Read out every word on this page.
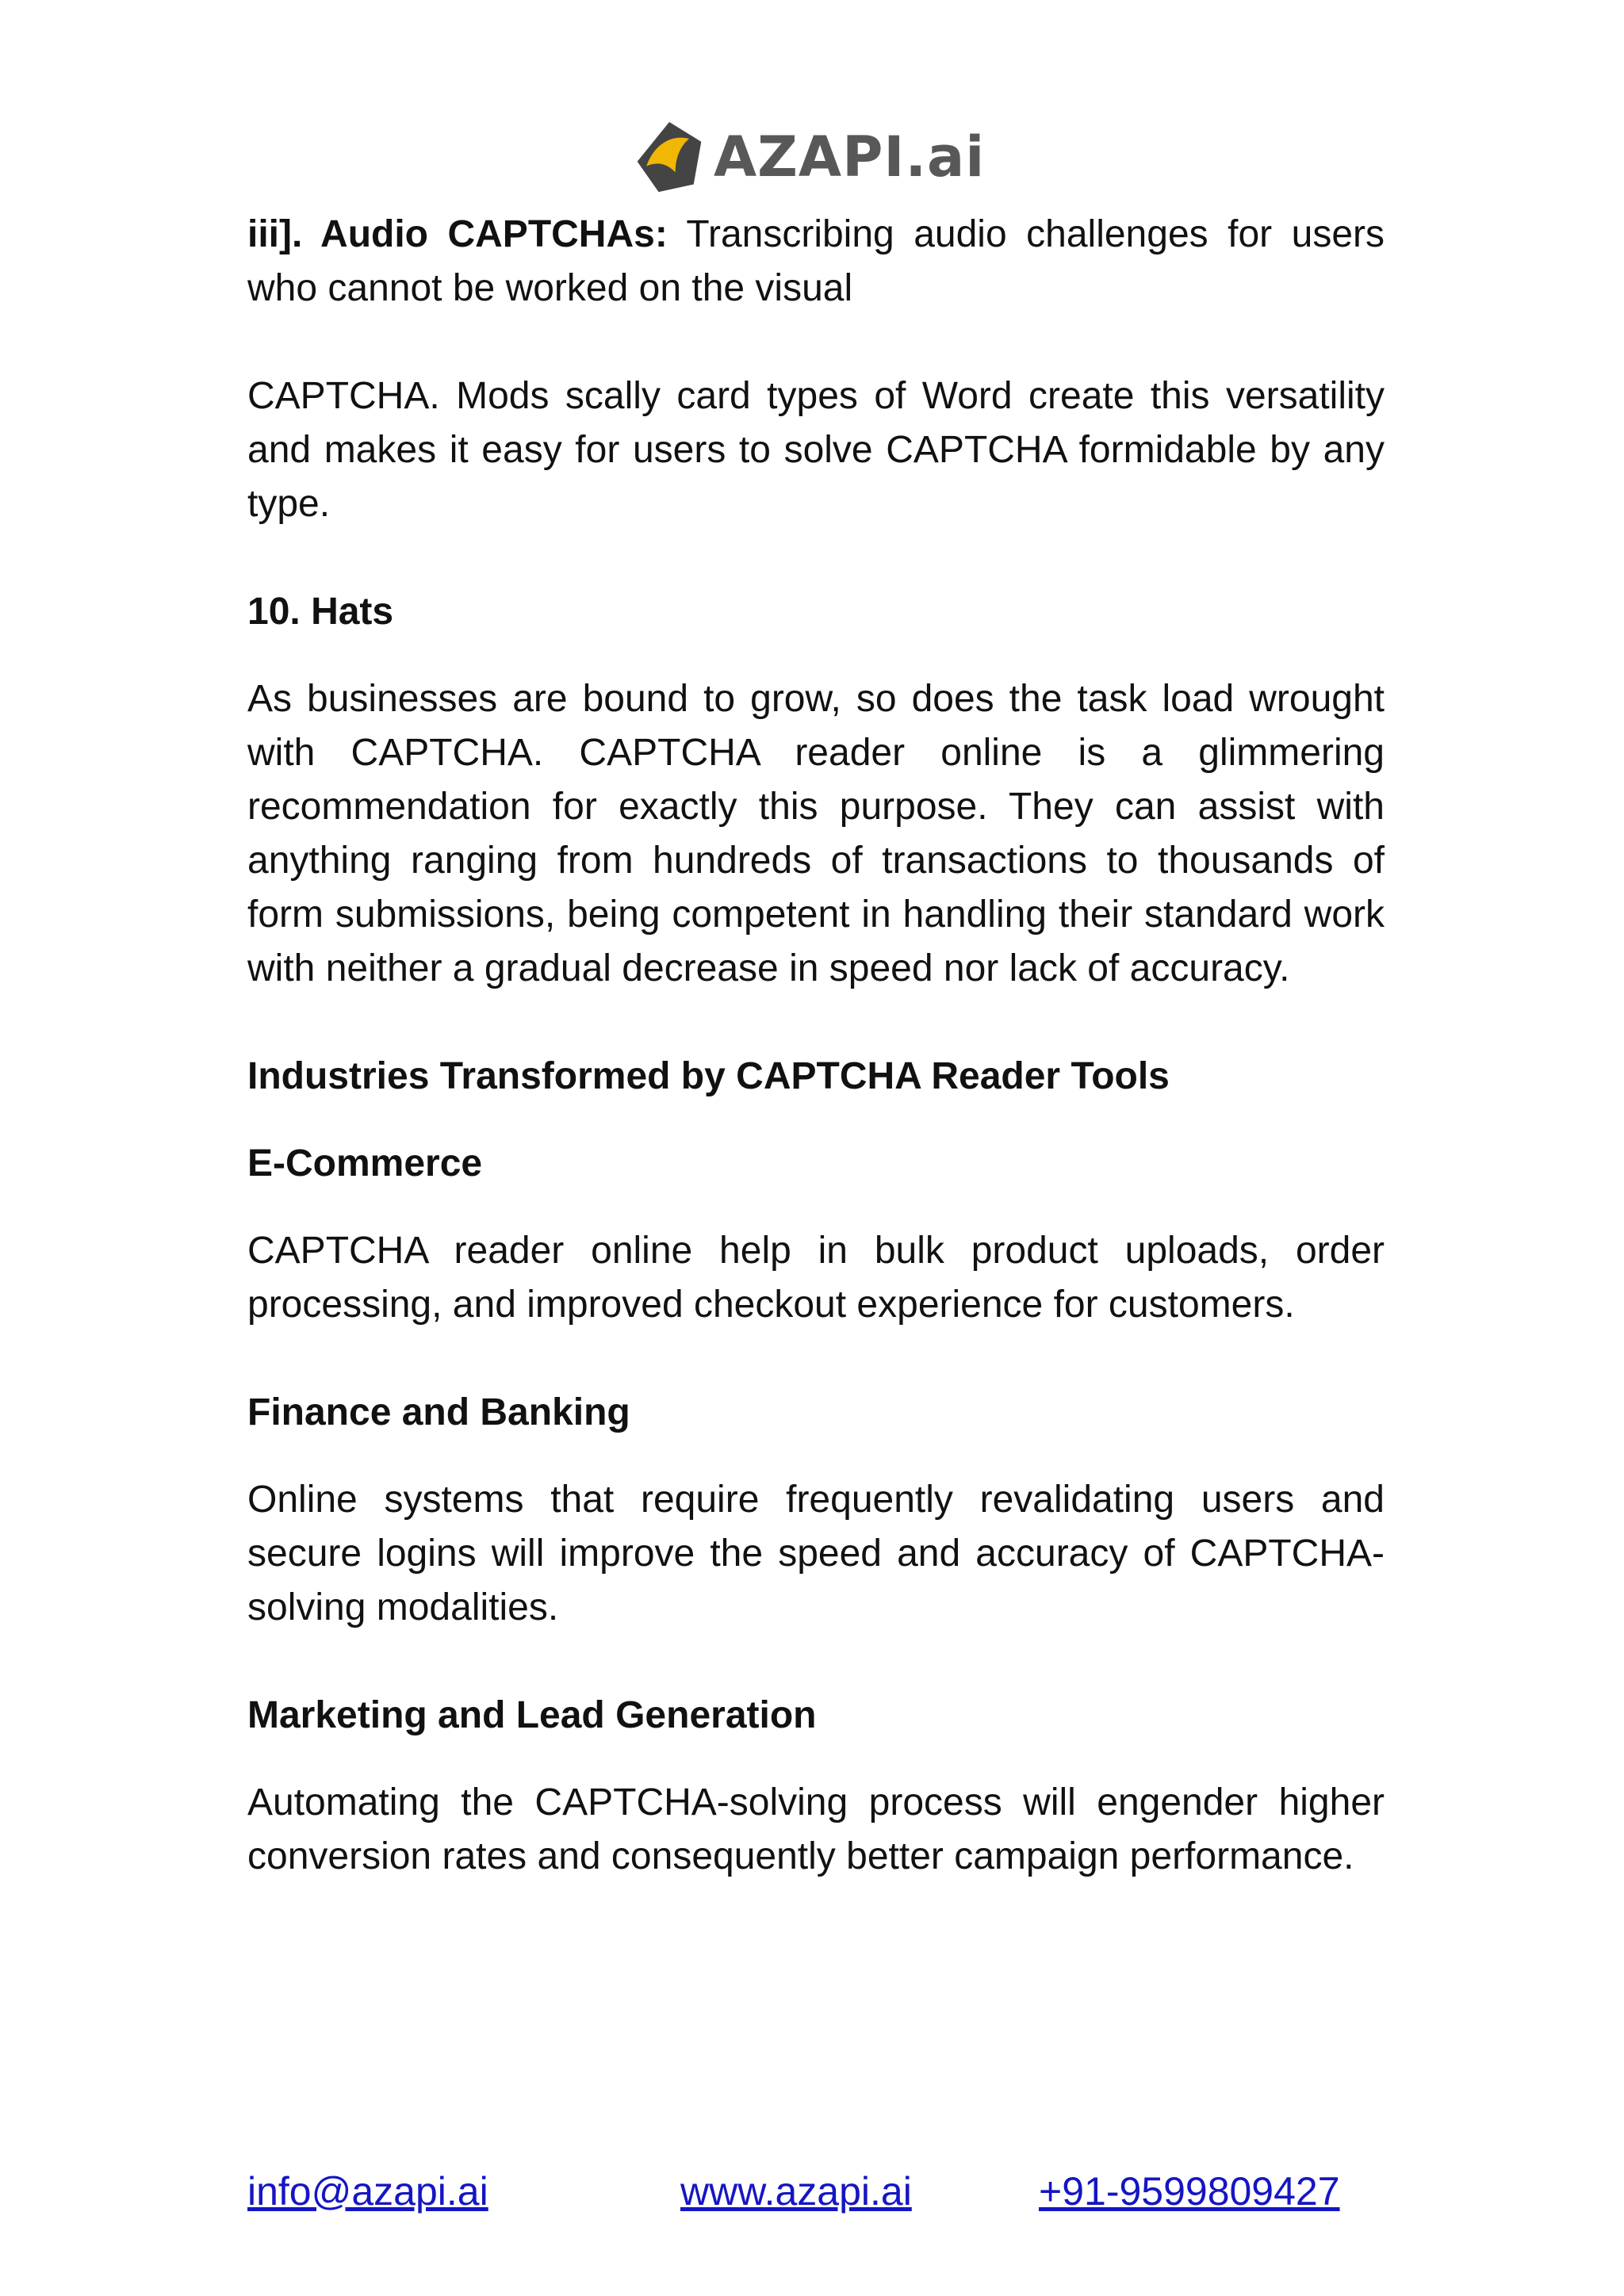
AZAPI.ai

iii]. Audio CAPTCHAs: Transcribing audio challenges for users who cannot be worked on the visual

CAPTCHA. Mods scally card types of Word create this versatility and makes it easy for users to solve CAPTCHA formidable by any type.

10. Hats

As businesses are bound to grow, so does the task load wrought with CAPTCHA. CAPTCHA reader online is a glimmering recommendation for exactly this purpose. They can assist with anything ranging from hundreds of transactions to thousands of form submissions, being competent in handling their standard work with neither a gradual decrease in speed nor lack of accuracy.

Industries Transformed by CAPTCHA Reader Tools

E-Commerce

CAPTCHA reader online help in bulk product uploads, order processing, and improved checkout experience for customers.

Finance and Banking

Online systems that require frequently revalidating users and secure logins will improve the speed and accuracy of CAPTCHA-solving modalities.

Marketing and Lead Generation

Automating the CAPTCHA-solving process will engender higher conversion rates and consequently better campaign performance.

info@azapi.ai	www.azapi.ai	+91-9599809427
